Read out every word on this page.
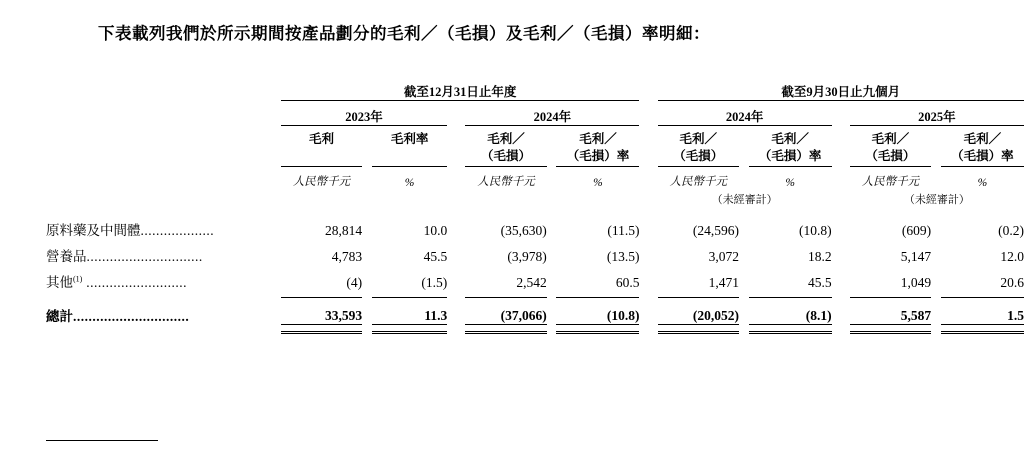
下表載列我們於所示期間按產品劃分的毛利／（毛損）及毛利／（毛損）率明細：
	截至12月31日止年度								截至9月30日止九個月						

	2023年				2024年				2024年				2025年		

	毛利		毛利率		毛利／		毛利／		毛利／		毛利／		毛利／		毛利／
					（毛損）		（毛損）率		（毛損）		（毛損）率		（毛損）		（毛損）率
	人民幣千元		%		人民幣千元		%		人民幣千元		%		人民幣千元		%
									（未經審計）				（未經審計）		

原料藥及中間體...................	28,814		10.0		(35,630)		(11.5)		(24,596)		(10.8)		(609)		(0.2)
營養品..............................	4,783		45.5		(3,978)		(13.5)		3,072		18.2		5,147		12.0
其他$^{(1)}$ ..........................	(4)		(1.5)		2,542		60.5		1,471		45.5		1,049		20.6

總計..............................	33,593		11.3		(37,066)		(10.8)		(20,052)		(8.1)		5,587		1.5
